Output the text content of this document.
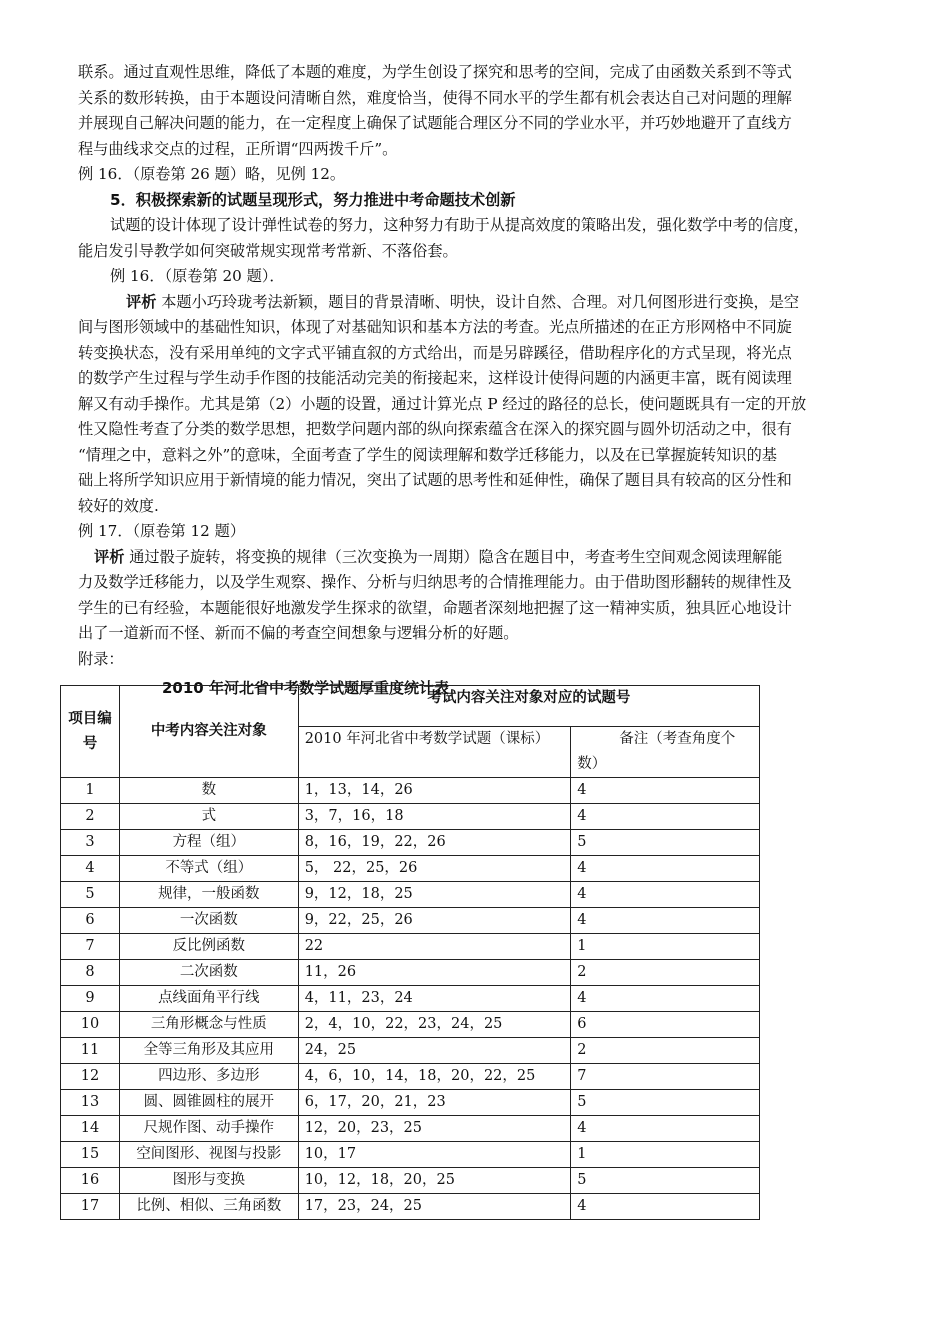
联系。通过直观性思维，降低了本题的难度，为学生创设了探究和思考的空间，完成了由函数关系到不等式

关系的数形转换，由于本题设问清晰自然，难度恰当，使得不同水平的学生都有机会表达自己对问题的理解

并展现自己解决问题的能力，在一定程度上确保了试题能合理区分不同的学业水平，并巧妙地避开了直线方

程与曲线求交点的过程，正所谓“四两拨千斤”。

例 16．（原卷第 26 题）略，见例 12。

5．积极探索新的试题呈现形式，努力推进中考命题技术创新

试题的设计体现了设计弹性试卷的努力，这种努力有助于从提高效度的策略出发，强化数学中考的信度，

能启发引导教学如何突破常规实现常考常新、不落俗套。

例 16．（原卷第 20 题）．

评析 本题小巧玲珑考法新颖，题目的背景清晰、明快，设计自然、合理。对几何图形进行变换，是空

间与图形领域中的基础性知识，体现了对基础知识和基本方法的考查。光点所描述的在正方形网格中不同旋

转变换状态，没有采用单纯的文字式平铺直叙的方式给出，而是另辟蹊径，借助程序化的方式呈现，将光点

的数学产生过程与学生动手作图的技能活动完美的衔接起来，这样设计使得问题的内涵更丰富，既有阅读理

解又有动手操作。尤其是第（2）小题的设置，通过计算光点 P 经过的路径的总长，使问题既具有一定的开放

性又隐性考查了分类的数学思想，把数学问题内部的纵向探索蕴含在深入的探究圆与圆外切活动之中，很有

“情理之中，意料之外”的意味，全面考查了学生的阅读理解和数学迁移能力，以及在已掌握旋转知识的基

础上将所学知识应用于新情境的能力情况，突出了试题的思考性和延伸性，确保了题目具有较高的区分性和

较好的效度.

例 17．（原卷第 12 题）

评析 通过骰子旋转，将变换的规律（三次变换为一周期）隐含在题目中，考查考生空间观念阅读理解能

力及数学迁移能力，以及学生观察、操作、分析与归纳思考的合情推理能力。由于借助图形翻转的规律性及

学生的已有经验，本题能很好地激发学生探求的欲望，命题者深刻地把握了这一精神实质，独具匠心地设计

出了一道新而不怪、新而不偏的考查空间想象与逻辑分析的好题。

附录：

2010 年河北省中考数学试题厚重度统计表
项目编号	中考内容关注对象	考试内容关注对象对应的试题号	
		2010 年河北省中考数学试题（课标）	备注（考查角度个数）
1	数	1，13，14，26	4
2	式	3，7，16，18	4
3	方程（组）	8，16，19，22，26	5
4	不等式（组）	5， 22，25，26	4
5	规律，一般函数	9，12，18，25	4
6	一次函数	9，22，25，26	4
7	反比例函数	22	1
8	二次函数	11，26	2
9	点线面角平行线	4，11，23，24	4
10	三角形概念与性质	2，4，10，22，23，24，25	6
11	全等三角形及其应用	24，25	2
12	四边形、多边形	4，6，10，14，18，20，22，25	7
13	圆、圆锥圆柱的展开	6，17，20，21，23	5
14	尺规作图、动手操作	12，20，23，25	4
15	空间图形、视图与投影	10，17	1
16	图形与变换	10，12，18，20，25	5
17	比例、相似、三角函数	17，23，24，25	4
